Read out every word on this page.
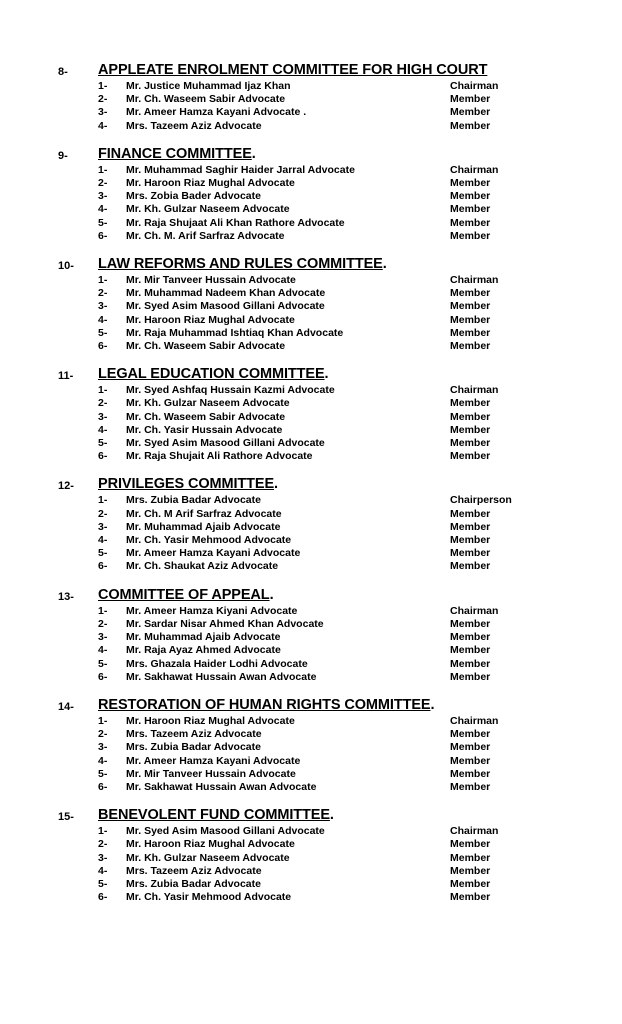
8-	APPLEATE ENROLMENT COMMITTEE FOR HIGH COURT
1-	Mr. Justice Muhammad Ijaz Khan	Chairman
2-	Mr. Ch. Waseem Sabir Advocate	Member
3-	Mr. Ameer Hamza Kayani Advocate .	Member
4-	Mrs. Tazeem Aziz Advocate	Member
9-	FINANCE COMMITTEE.
1-	Mr. Muhammad Saghir Haider Jarral Advocate	Chairman
2-	Mr. Haroon Riaz Mughal Advocate	Member
3-	Mrs. Zobia Bader Advocate	Member
4-	Mr. Kh. Gulzar Naseem Advocate	Member
5-	Mr. Raja Shujaat Ali Khan Rathore Advocate	Member
6-	Mr. Ch. M. Arif Sarfraz Advocate	Member
10-	LAW REFORMS AND RULES COMMITTEE.
1-	Mr. Mir Tanveer Hussain Advocate	Chairman
2-	Mr. Muhammad Nadeem Khan Advocate	Member
3-	Mr. Syed Asim Masood Gillani Advocate	Member
4-	Mr. Haroon Riaz Mughal Advocate	Member
5-	Mr. Raja Muhammad Ishtiaq Khan Advocate	Member
6-	Mr. Ch. Waseem Sabir Advocate	Member
11-	LEGAL EDUCATION COMMITTEE.
1-	Mr. Syed Ashfaq Hussain Kazmi Advocate	Chairman
2-	Mr. Kh. Gulzar Naseem Advocate	Member
3-	Mr. Ch. Waseem Sabir Advocate	Member
4-	Mr. Ch. Yasir Hussain Advocate	Member
5-	Mr. Syed Asim Masood Gillani Advocate	Member
6-	Mr. Raja Shujait Ali Rathore Advocate	Member
12-	PRIVILEGES COMMITTEE.
1-	Mrs. Zubia Badar Advocate	Chairperson
2-	Mr. Ch. M Arif Sarfraz Advocate	Member
3-	Mr. Muhammad Ajaib Advocate	Member
4-	Mr. Ch. Yasir Mehmood Advocate	Member
5-	Mr. Ameer Hamza Kayani Advocate	Member
6-	Mr. Ch. Shaukat Aziz Advocate	Member
13-	COMMITTEE OF APPEAL.
1-	Mr. Ameer Hamza Kiyani Advocate	Chairman
2-	Mr. Sardar Nisar Ahmed Khan Advocate	Member
3-	Mr. Muhammad Ajaib Advocate	Member
4-	Mr. Raja Ayaz Ahmed Advocate	Member
5-	Mrs. Ghazala Haider Lodhi Advocate	Member
6-	Mr. Sakhawat Hussain Awan Advocate	Member
14-	RESTORATION OF HUMAN RIGHTS COMMITTEE.
1-	Mr. Haroon Riaz Mughal Advocate	Chairman
2-	Mrs. Tazeem Aziz Advocate	Member
3-	Mrs. Zubia Badar Advocate	Member
4-	Mr. Ameer Hamza Kayani Advocate	Member
5-	Mr. Mir Tanveer Hussain Advocate	Member
6-	Mr. Sakhawat Hussain Awan Advocate	Member
15-	BENEVOLENT FUND COMMITTEE.
1-	Mr. Syed Asim Masood Gillani Advocate	Chairman
2-	Mr. Haroon Riaz Mughal Advocate	Member
3-	Mr. Kh. Gulzar Naseem Advocate	Member
4-	Mrs. Tazeem Aziz Advocate	Member
5-	Mrs. Zubia Badar Advocate	Member
6-	Mr. Ch. Yasir Mehmood Advocate	Member
